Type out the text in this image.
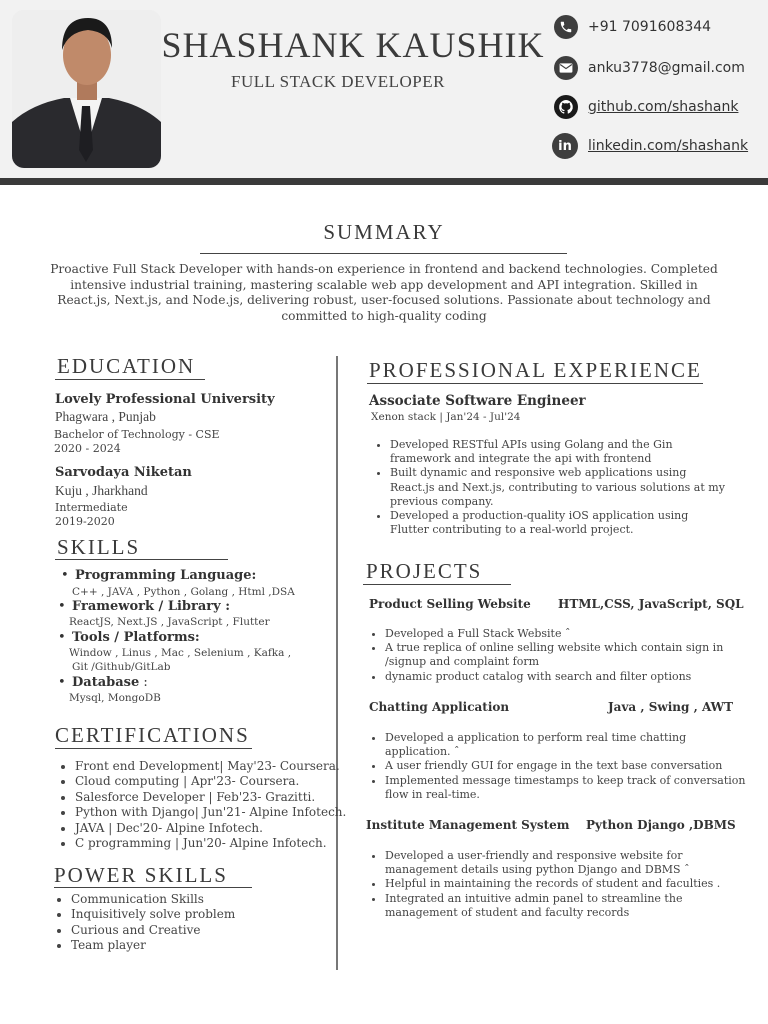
SHASHANK KAUSHIK
FULL STACK DEVELOPER
+91 7091608344
anku3778@gmail.com
github.com/shashank
in linkedin.com/shashank
SUMMARY
Proactive Full Stack Developer with hands-on experience in frontend and backend technologies. Completed intensive industrial training, mastering scalable web app development and API integration. Skilled in React.js, Next.js, and Node.js, delivering robust, user-focused solutions. Passionate about technology and committed to high-quality coding
EDUCATION
Lovely Professional University
Phagwara , Punjab
Bachelor of Technology - CSE
2020 - 2024
Sarvodaya Niketan
Kuju , Jharkhand
Intermediate
2019-2020
SKILLS
• Programming Language:
C++ , JAVA , Python , Golang , Html ,DSA
• Framework / Library :
ReactJS, Next.JS , JavaScript , Flutter
• Tools / Platforms:
Window , Linus , Mac , Selenium , Kafka ,
Git /Github/GitLab
• Database :
Mysql, MongoDB
CERTIFICATIONS
• Front end Development| May'23- Coursera.
• Cloud computing | Apr'23- Coursera.
• Salesforce Developer | Feb'23- Grazitti.
• Python with Django| Jun'21- Alpine Infotech.
• JAVA | Dec'20- Alpine Infotech.
• C programming | Jun'20- Alpine Infotech.
POWER SKILLS
• Communication Skills
• Inquisitively solve problem
• Curious and Creative
• Team player
PROFESSIONAL EXPERIENCE
Associate Software Engineer
Xenon stack | Jan'24 - Jul'24
• Developed RESTful APIs using Golang and the Gin framework and integrate the api with frontend
• Built dynamic and responsive web applications using React.js and Next.js, contributing to various solutions at my previous company.
• Developed a production-quality iOS application using Flutter contributing to a real-world project.
PROJECTS
Product Selling Website HTML,CSS, JavaScript, SQL
• Developed a Full Stack Website ˆ
• A true replica of online selling website which contain sign in /signup and complaint form
• dynamic product catalog with search and filter options
Chatting Application	Java , Swing , AWT
• Developed a application to perform real time chatting application. ˆ
• A user friendly GUI for engage in the text base conversation
• Implemented message timestamps to keep track of conversation flow in real-time.
Institute Management System Python Django ,DBMS
• Developed a user-friendly and responsive website for management details using python Django and DBMS ˆ
• Helpful in maintaining the records of student and faculties .
• Integrated an intuitive admin panel to streamline the management of student and faculty records
